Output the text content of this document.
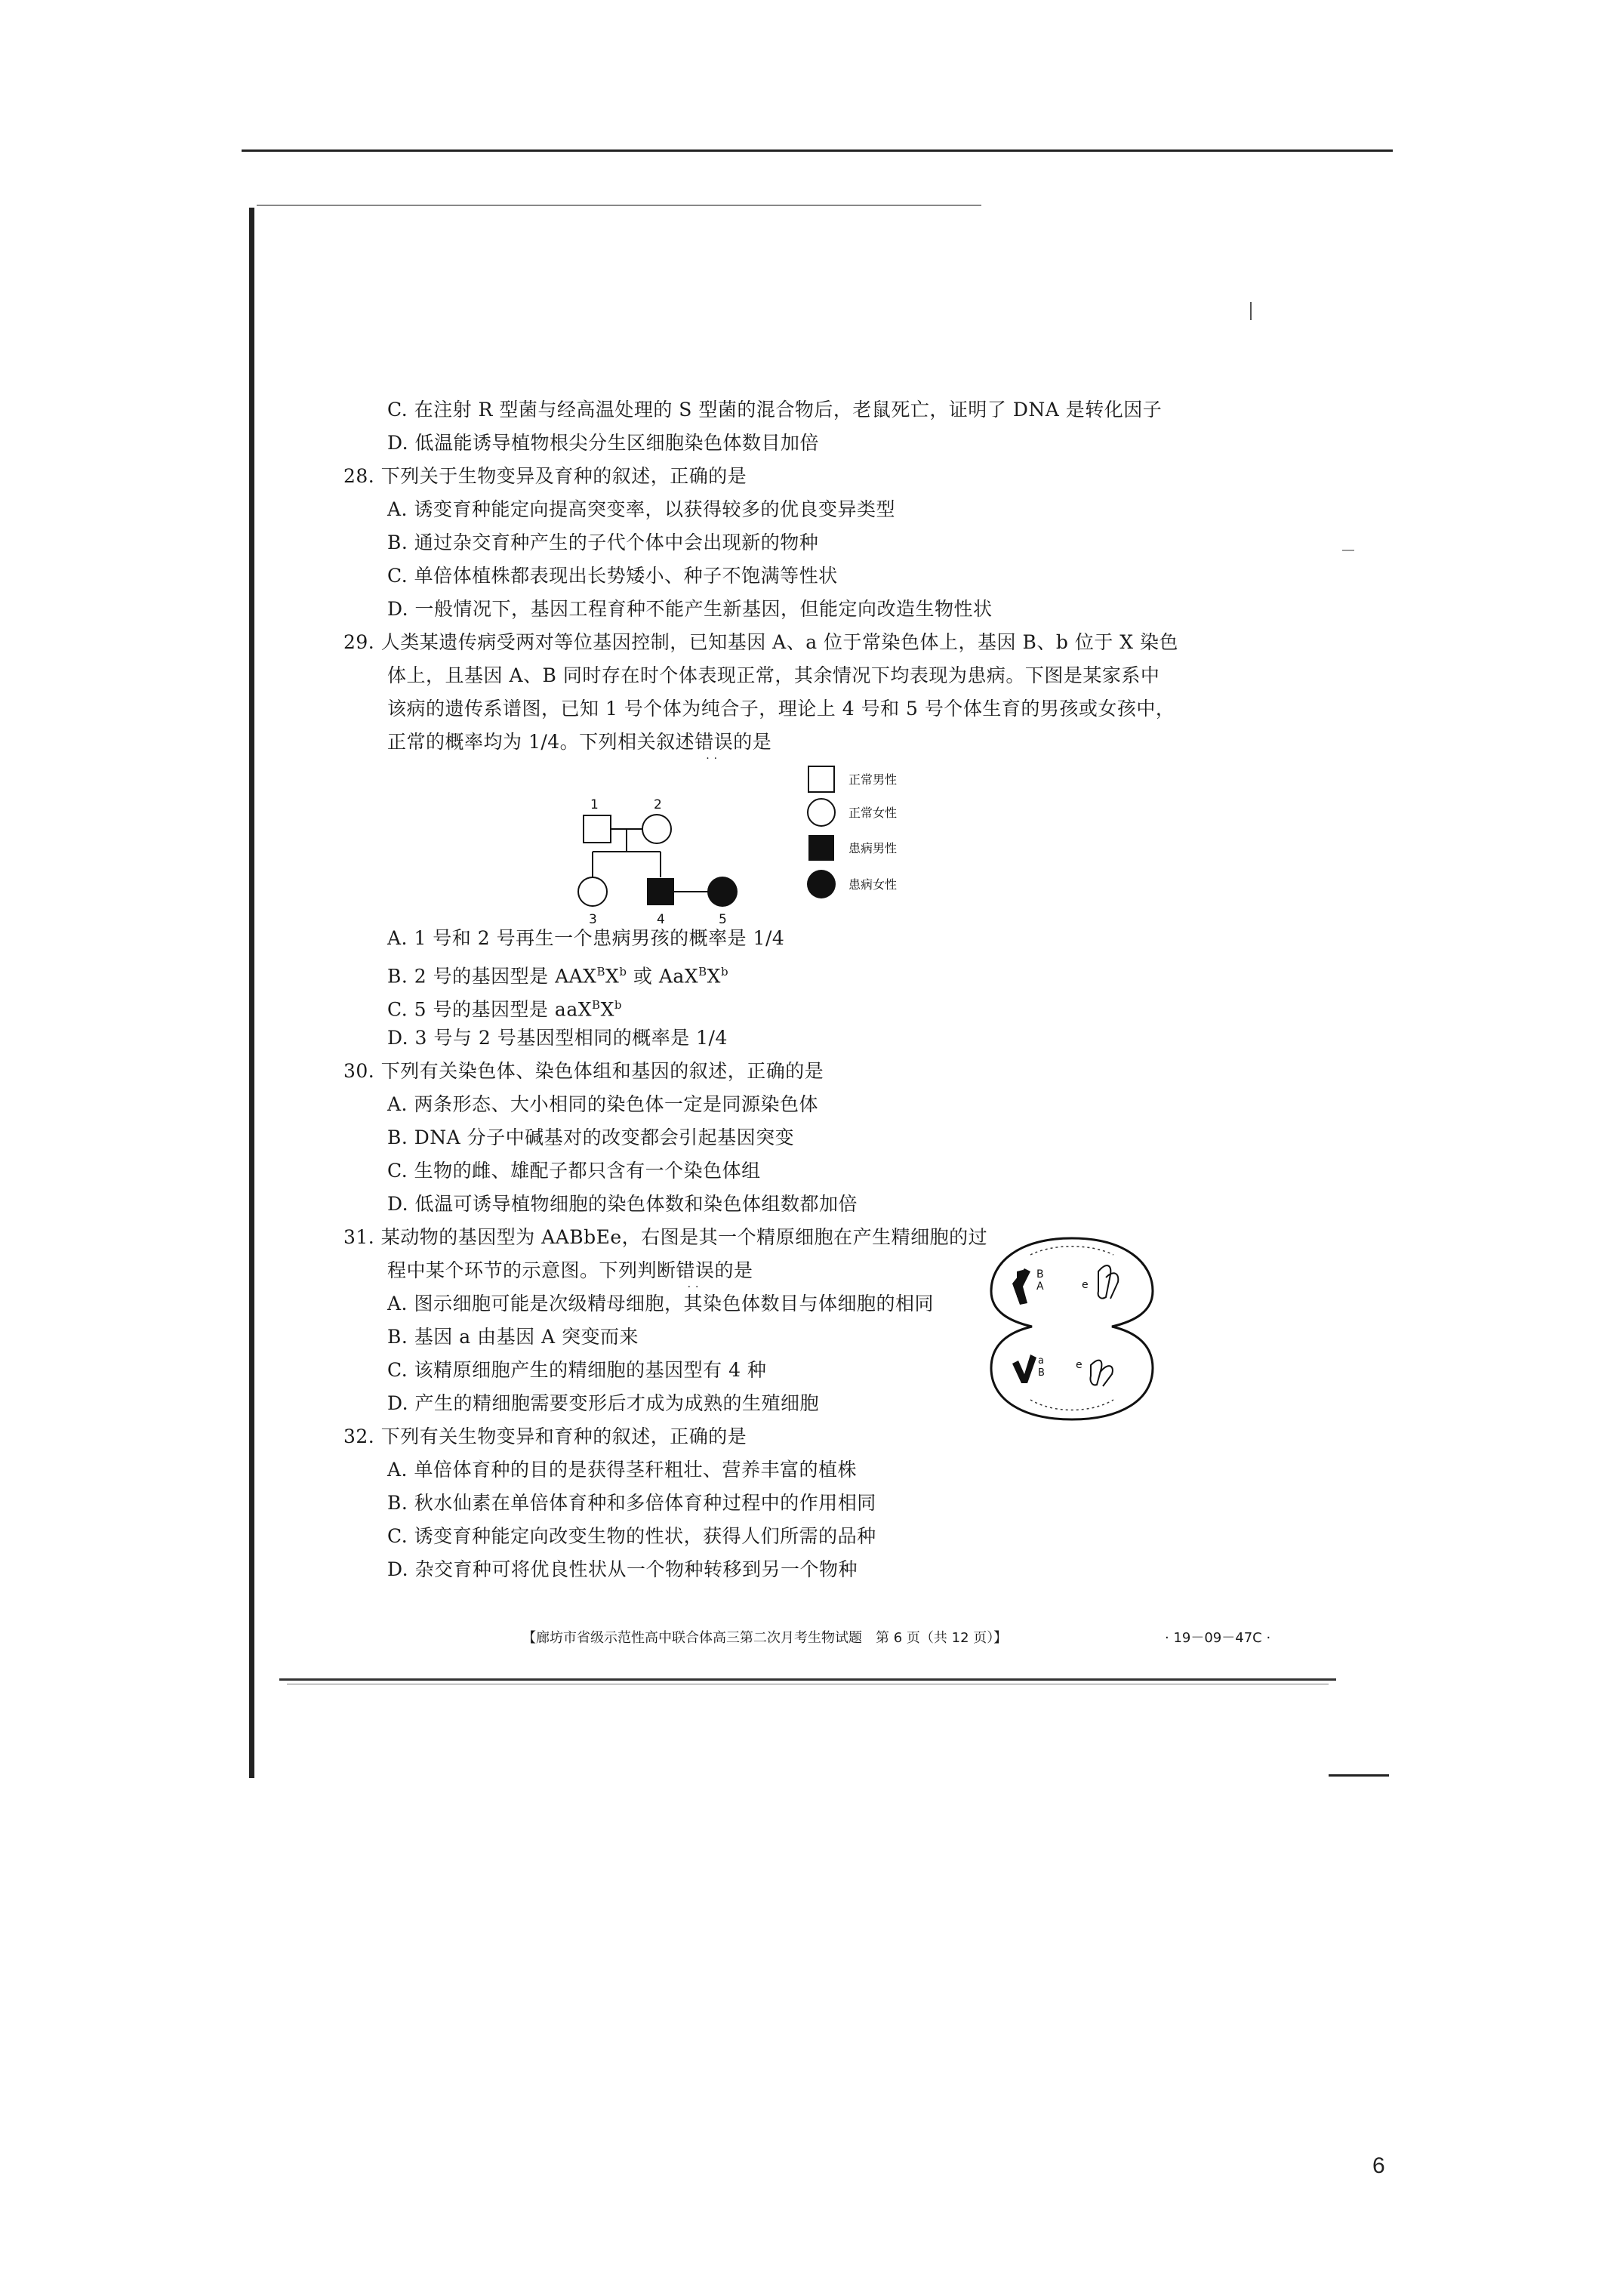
C. 在注射 R 型菌与经高温处理的 S 型菌的混合物后，老鼠死亡，证明了 DNA 是转化因子
D. 低温能诱导植物根尖分生区细胞染色体数目加倍
28. 下列关于生物变异及育种的叙述，正确的是
A. 诱变育种能定向提高突变率，以获得较多的优良变异类型
B. 通过杂交育种产生的子代个体中会出现新的物种
C. 单倍体植株都表现出长势矮小、种子不饱满等性状
D. 一般情况下，基因工程育种不能产生新基因，但能定向改造生物性状
29. 人类某遗传病受两对等位基因控制，已知基因 A、a 位于常染色体上，基因 B、b 位于 X 染色
体上，且基因 A、B 同时存在时个体表现正常，其余情况下均表现为患病。下图是某家系中
该病的遗传系谱图，已知 1 号个体为纯合子，理论上 4 号和 5 号个体生育的男孩或女孩中，
正常的概率均为 1/4。下列相关叙述错误
··
的是
1	2
3	4	5
正常男性
正常女性
患病男性
患病女性
A. 1 号和 2 号再生一个患病男孩的概率是 1/4
B. 2 号的基因型是 $AAX^BX^b$ 或 $AaX^BX^b$
C. 5 号的基因型是 $aaX^BX^b$
D. 3 号与 2 号基因型相同的概率是 1/4
30. 下列有关染色体、染色体组和基因的叙述，正确的是
A. 两条形态、大小相同的染色体一定是同源染色体
B. DNA 分子中碱基对的改变都会引起基因突变
C. 生物的雌、雄配子都只含有一个染色体组
D. 低温可诱导植物细胞的染色体数和染色体组数都加倍
31. 某动物的基因型为 AABbEe，右图是其一个精原细胞在产生精细胞的过
程中某个环节的示意图。下列判断错误
··
的是
A. 图示细胞可能是次级精母细胞，其染色体数目与体细胞的相同
B. 基因 a 由基因 A 突变而来
C. 该精原细胞产生的精细胞的基因型有 4 种
D. 产生的精细胞需要变形后才成为成熟的生殖细胞
B
A	e
a
B
e
32. 下列有关生物变异和育种的叙述，正确的是
A. 单倍体育种的目的是获得茎秆粗壮、营养丰富的植株
B. 秋水仙素在单倍体育种和多倍体育种过程中的作用相同
C. 诱变育种能定向改变生物的性状，获得人们所需的品种
D. 杂交育种可将优良性状从一个物种转移到另一个物种
【廊坊市省级示范性高中联合体高三第二次月考生物试题　第 6 页（共 12 页）】	· 19－09－47C ·
6
